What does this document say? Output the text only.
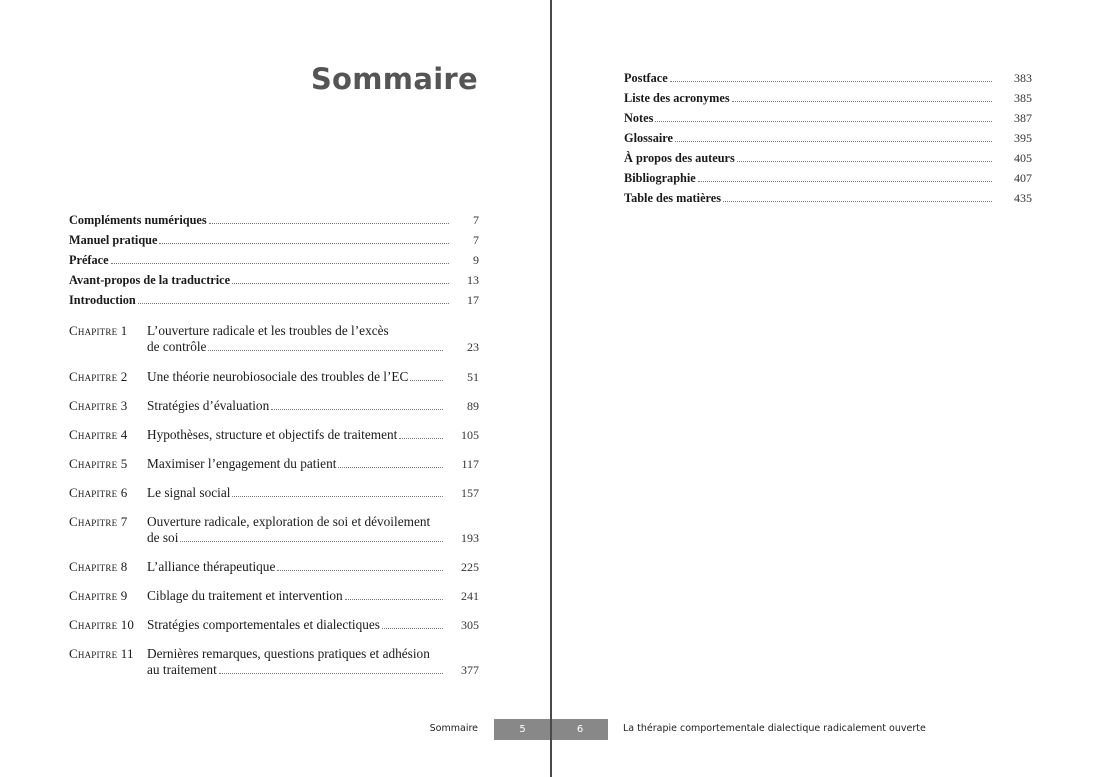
Sommaire
Compléments numériques	7
Manuel pratique	7
Préface	9
Avant-propos de la traductrice	13
Introduction	17
Chapitre 1 L’ouverture radicale et les troubles de l’excès
de contrôle	23
Chapitre 2 Une théorie neurobiosociale des troubles de l’EC	51
Chapitre 3 Stratégies d’évaluation	89
Chapitre 4 Hypothèses, structure et objectifs de traitement	105
Chapitre 5 Maximiser l’engagement du patient	117
Chapitre 6 Le signal social	157
Chapitre 7 Ouverture radicale, exploration de soi et dévoilement
de soi	193
Chapitre 8 L’alliance thérapeutique	225
Chapitre 9 Ciblage du traitement et intervention	241
Chapitre 10 Stratégies comportementales et dialectiques	305
Chapitre 11 Dernières remarques, questions pratiques et adhésion
au traitement	377
Sommaire	5
Postface	383
Liste des acronymes	385
Notes	387
Glossaire	395
À propos des auteurs	405
Bibliographie	407
Table des matières	435
6	La thérapie comportementale dialectique radicalement ouverte
